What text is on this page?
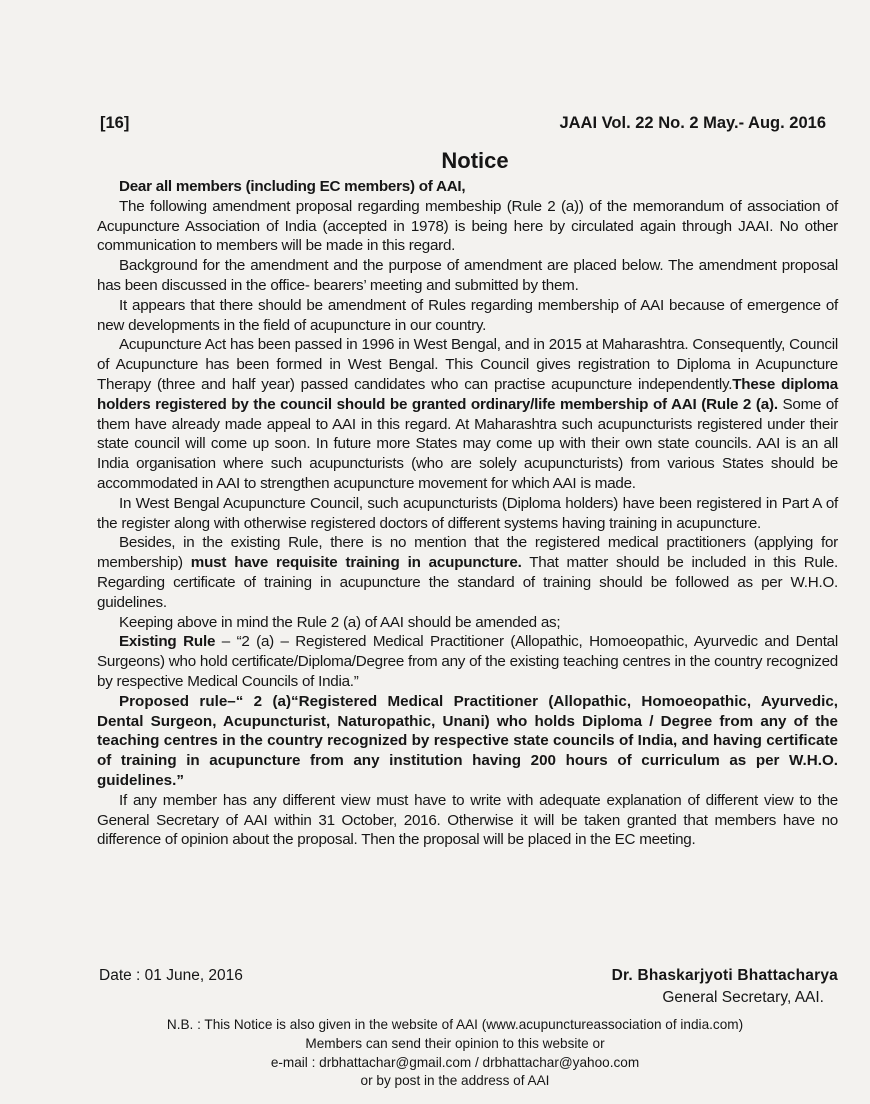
[16]	JAAI Vol. 22 No. 2 May.- Aug. 2016
Notice

Dear all members (including EC members) of AAI,

The following amendment proposal regarding membeship (Rule 2 (a)) of the memorandum of association of Acupuncture Association of India (accepted in 1978) is being here by circulated again through JAAI. No other communication to members will be made in this regard.

Background for the amendment and the purpose of amendment are placed below. The amendment proposal has been discussed in the office- bearers’ meeting and submitted by them.

It appears that there should be amendment of Rules regarding membership of AAI because of emergence of new developments in the field of acupuncture in our country.

Acupuncture Act has been passed in 1996 in West Bengal, and in 2015 at Maharashtra. Consequently, Council of Acupuncture has been formed in West Bengal. This Council gives registration to Diploma in Acupuncture Therapy (three and half year) passed candidates who can practise acupuncture independently.These diploma holders registered by the council should be granted ordinary/life membership of AAI (Rule 2 (a). Some of them have already made appeal to AAI in this regard. At Maharashtra such acupuncturists registered under their state council will come up soon. In future more States may come up with their own state councils. AAI is an all India organisation where such acupuncturists (who are solely acupuncturists) from various States should be accommodated in AAI to strengthen acupuncture movement for which AAI is made.

In West Bengal Acupuncture Council, such acupuncturists (Diploma holders) have been registered in Part A of the register along with otherwise registered doctors of different systems having training in acupuncture.

Besides, in the existing Rule, there is no mention that the registered medical practitioners (applying for membership) must have requisite training in acupuncture. That matter should be included in this Rule. Regarding certificate of training in acupuncture the standard of training should be followed as per W.H.O. guidelines.

Keeping above in mind the Rule 2 (a) of AAI should be amended as;

Existing Rule – “2 (a) – Registered Medical Practitioner (Allopathic, Homoeopathic, Ayurvedic and Dental Surgeons) who hold certificate/Diploma/Degree from any of the existing teaching centres in the country recognized by respective Medical Councils of India.”

Proposed rule–“ 2 (a)“Registered Medical Practitioner (Allopathic, Homoeopathic, Ayurvedic, Dental Surgeon, Acupuncturist, Naturopathic, Unani) who holds Diploma / Degree from any of the teaching centres in the country recognized by respective state councils of India, and having certificate of training in acupuncture from any institution having 200 hours of curriculum as per W.H.O. guidelines.”

If any member has any different view must have to write with adequate explanation of different view to the General Secretary of AAI within 31 October, 2016. Otherwise it will be taken granted that members have no difference of opinion about the proposal. Then the proposal will be placed in the EC meeting.

Date : 01 June, 2016	Dr. Bhaskarjyoti Bhattacharya
General Secretary, AAI.
N.B. : This Notice is also given in the website of AAI (www.acupunctureassociation of india.com)
Members can send their opinion to this website or
e-mail : drbhattachar@gmail.com / drbhattachar@yahoo.com
or by post in the address of AAI
